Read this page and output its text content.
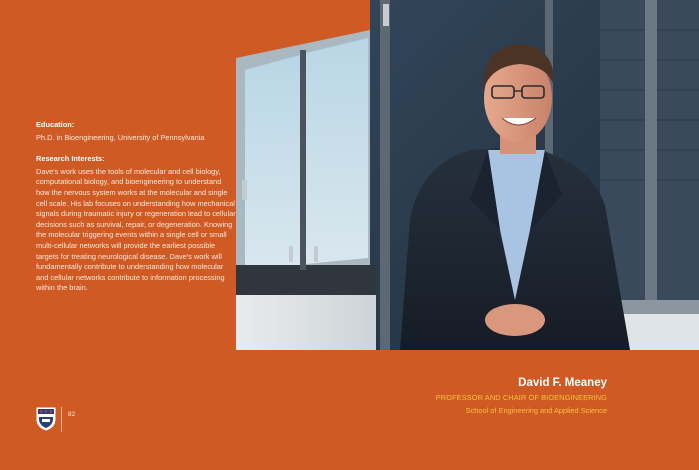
Education:
Ph.D. in Bioengineering, University of Pennsylvania
Research Interests:
Dave's work uses the tools of molecular and cell biology, computational biology, and bioengineering to understand how the nervous system works at the molecular and single cell scale. His lab focuses on understanding how mechanical signals during traumatic injury or regeneration lead to cellular decisions such as survival, repair, or degeneration. Knowing the molecular triggering events within a single cell or small multi-cellular networks will provide the earliest possible targets for treating neurological disease. Dave's work will fundamentally contribute to understanding how molecular and cellular networks contribute to information processing within the brain.
David F. Meaney
PROFESSOR AND CHAIR OF BIOENGINEERING
School of Engineering and Applied Science
82
